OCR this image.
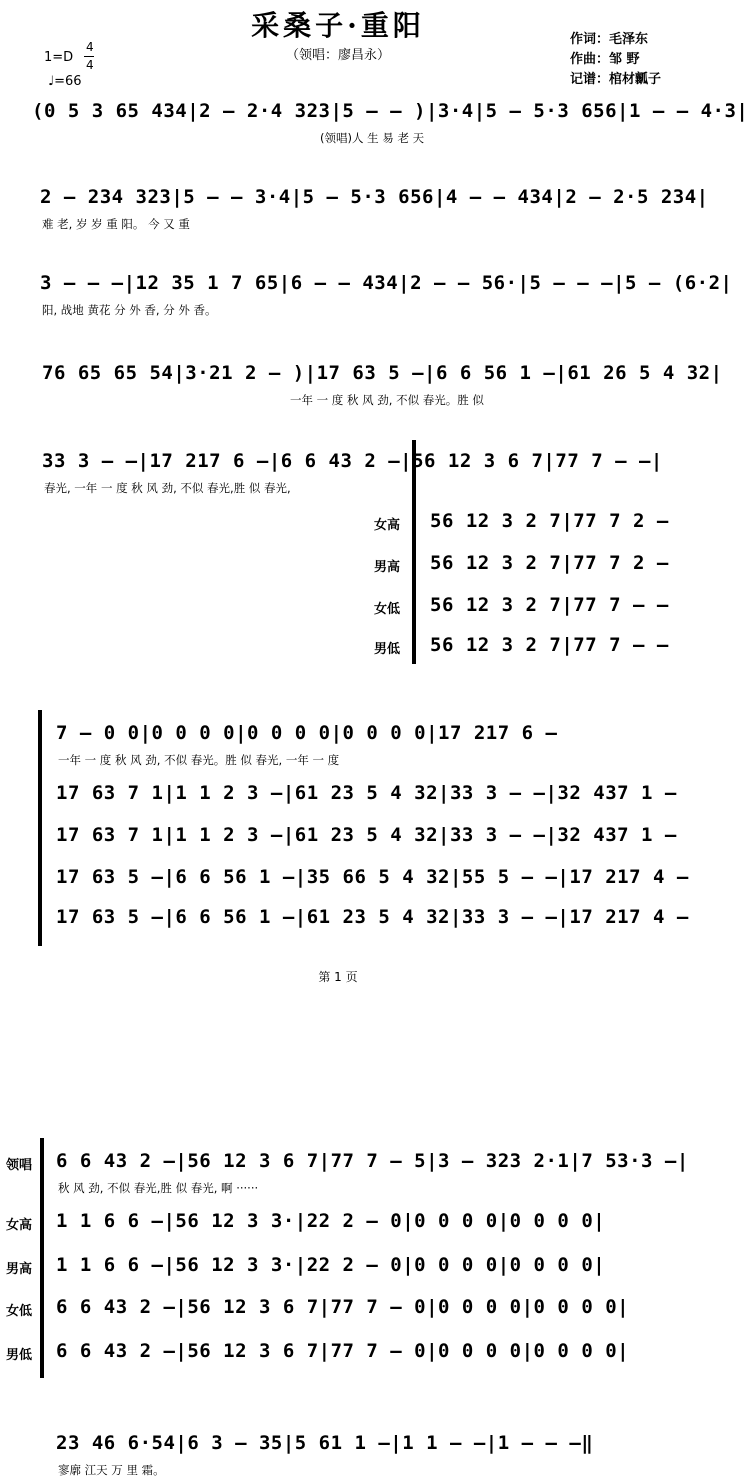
采桑子·重阳
（领唱：廖昌永）
作词：毛泽东
作曲：邹 野
记谱：棺材瓤子
1=D
4
4
♩=66
(0 5 3 65 434|2 — 2·4 323|5 — — )|3·4|5 — 5·3 656|1 — — 4·3|
(领唱)人 生 易 老 天
2 — 234 323|5 — — 3·4|5 — 5·3 656|4 — — 434|2 — 2·5 234|
难 老, 岁 岁 重 阳。 今 又 重
3 — — —|12 35 1 7 65|6 — — 434|2 — — 56·|5 — — —|5 — (6·2|
阳, 战地 黄花 分 外 香, 分 外 香。
76 65 65 54|3·21 2 — )|17 63 5 —|6 6 56 1 —|61 26 5 4 32|
一年 一 度 秋 风 劲, 不似 春光。胜 似
33 3 — —|17 217 6 —|6 6 43 2 —|56 12 3 6 7|77 7 — —|
春光, 一年 一 度 秋 风 劲, 不似 春光,胜 似 春光,
女高 56 12 3 2 7|77 7 2 —
男高 56 12 3 2 7|77 7 2 —
女低 56 12 3 2 7|77 7 — —
男低 56 12 3 2 7|77 7 — —
7 — 0 0|0 0 0 0|0 0 0 0|0 0 0 0|17 217 6 —
一年 一 度 秋 风 劲, 不似 春光。胜 似 春光, 一年 一 度
17 63 7 1|1 1 2 3 —|61 23 5 4 32|33 3 — —|32 437 1 —
17 63 7 1|1 1 2 3 —|61 23 5 4 32|33 3 — —|32 437 1 —
17 63 5 —|6 6 56 1 —|35 66 5 4 32|55 5 — —|17 217 4 —
17 63 5 —|6 6 56 1 —|61 23 5 4 32|33 3 — —|17 217 4 —
第 1 页
领唱 6 6 43 2 —|56 12 3 6 7|77 7 — 5|3 — 323 2·1|7 53·3 —|
秋 风 劲, 不似 春光,胜 似 春光, 啊 ······
女高 1 1 6 6 —|56 12 3 3·|22 2 — 0|0 0 0 0|0 0 0 0|
男高 1 1 6 6 —|56 12 3 3·|22 2 — 0|0 0 0 0|0 0 0 0|
女低 6 6 43 2 —|56 12 3 6 7|77 7 — 0|0 0 0 0|0 0 0 0|
男低 6 6 43 2 —|56 12 3 6 7|77 7 — 0|0 0 0 0|0 0 0 0|
23 46 6·54|6 3 — 35|5 61 1 —|1 1 — —|1 — — —‖
寥廓 江天 万 里 霜。
